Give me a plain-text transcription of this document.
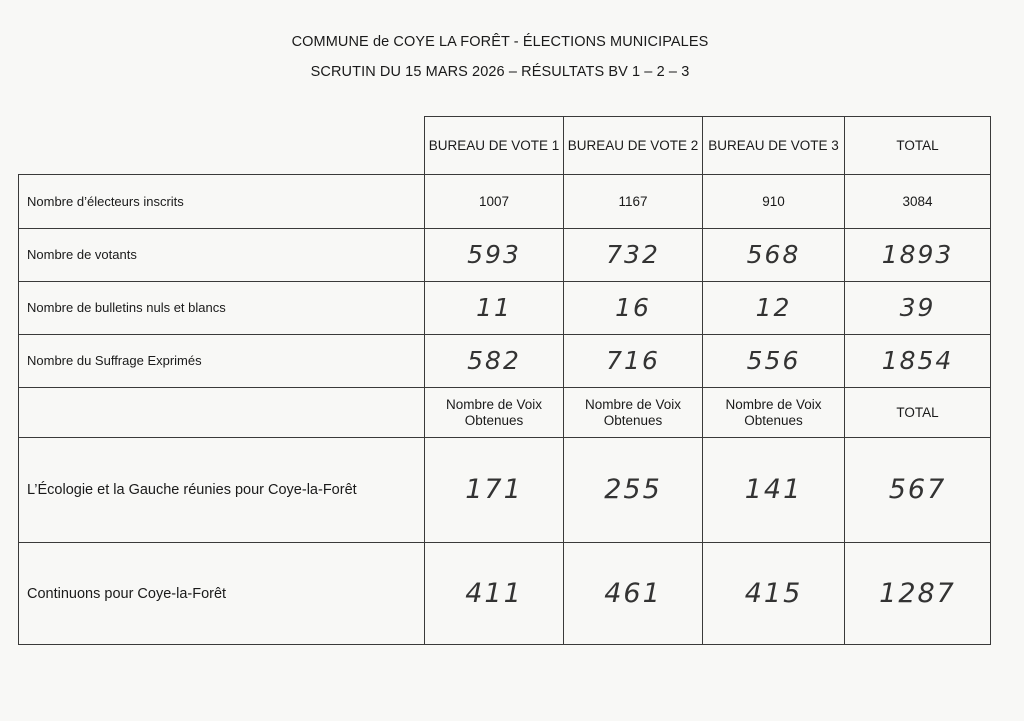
COMMUNE de COYE LA FORÊT - ÉLECTIONS MUNICIPALES
SCRUTIN DU 15 MARS 2026 – RÉSULTATS BV 1 – 2 – 3
	BUREAU DE VOTE 1	BUREAU DE VOTE 2	BUREAU DE VOTE 3	TOTAL
Nombre d’électeurs inscrits	1007	1167	910	3084
Nombre de votants	593	732	568	1893
Nombre de bulletins nuls et blancs	11	16	12	39
Nombre du Suffrage Exprimés	582	716	556	1854
	Nombre de Voix Obtenues	Nombre de Voix Obtenues	Nombre de Voix Obtenues	TOTAL
L’Écologie et la Gauche réunies pour Coye-la-Forêt	171	255	141	567
Continuons pour Coye-la-Forêt	411	461	415	1287
